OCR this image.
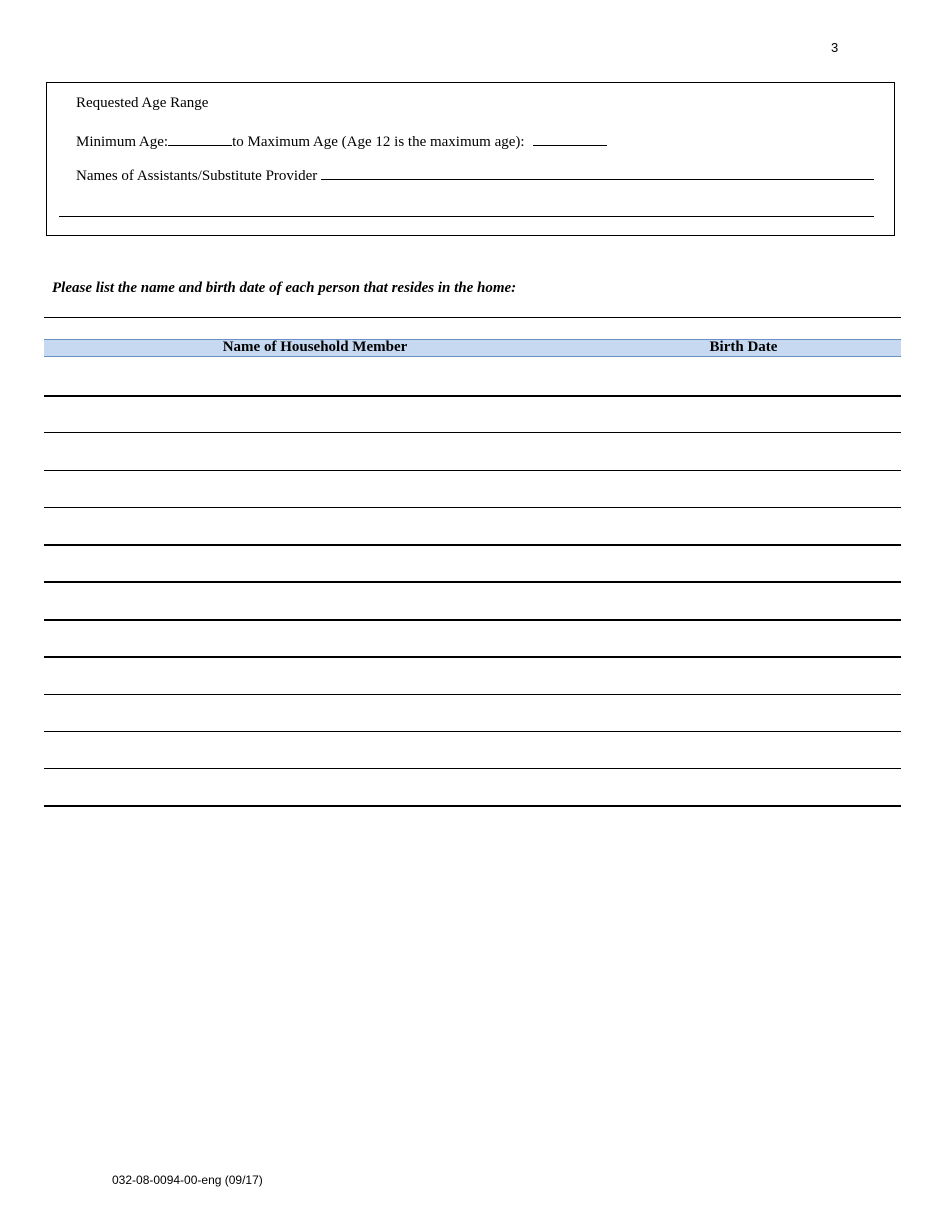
3
Requested Age Range
Minimum Age:	to Maximum Age (Age 12 is the maximum age):
Names of Assistants/Substitute Provider
Please list the name and birth date of each person that resides in the home:
Name of Household Member	Birth Date
032-08-0094-00-eng (09/17)
